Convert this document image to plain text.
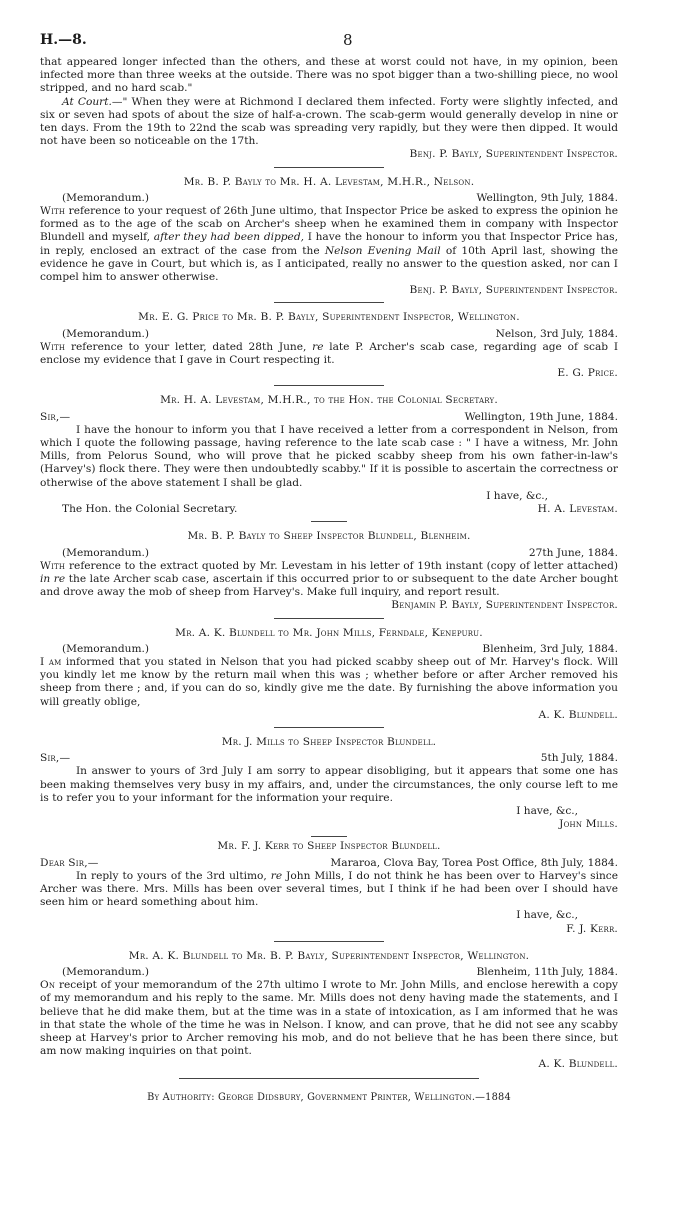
H.—8.	8

that appeared longer infected than the others, and these at worst could not have, in my opinion, been infected more than three weeks at the outside. There was no spot bigger than a two-shilling piece, no wool stripped, and no hard scab."

At Court.—" When they were at Richmond I declared them infected. Forty were slightly infected, and six or seven had spots of about the size of half-a-crown. The scab-germ would generally develop in nine or ten days. From the 19th to 22nd the scab was spreading very rapidly, but they were then dipped. It would not have been so noticeable on the 17th.

Benj. P. Bayly, Superintendent Inspector.

Mr. B. P. Bayly to Mr. H. A. Levestam, M.H.R., Nelson.

(Memorandum.)	Wellington, 9th July, 1884.

With reference to your request of 26th June ultimo, that Inspector Price be asked to express the opinion he formed as to the age of the scab on Archer's sheep when he examined them in company with Inspector Blundell and myself, after they had been dipped, I have the honour to inform you that Inspector Price has, in reply, enclosed an extract of the case from the Nelson Evening Mail of 10th April last, showing the evidence he gave in Court, but which is, as I anticipated, really no answer to the question asked, nor can I compel him to answer otherwise.

Benj. P. Bayly, Superintendent Inspector.

Mr. E. G. Price to Mr. B. P. Bayly, Superintendent Inspector, Wellington.

(Memorandum.)	Nelson, 3rd July, 1884.

With reference to your letter, dated 28th June, re late P. Archer's scab case, regarding age of scab I enclose my evidence that I gave in Court respecting it.

E. G. Price.

Mr. H. A. Levestam, M.H.R., to the Hon. the Colonial Secretary.

Sir,—	Wellington, 19th June, 1884.

I have the honour to inform you that I have received a letter from a correspondent in Nelson, from which I quote the following passage, having reference to the late scab case : " I have a witness, Mr. John Mills, from Pelorus Sound, who will prove that he picked scabby sheep from his own father-in-law's (Harvey's) flock there. They were then undoubtedly scabby." If it is possible to ascertain the correctness or otherwise of the above statement I shall be glad.

I have, &c.,

The Hon. the Colonial Secretary.	H. A. Levestam.

Mr. B. P. Bayly to Sheep Inspector Blundell, Blenheim.

(Memorandum.)	27th June, 1884.

With reference to the extract quoted by Mr. Levestam in his letter of 19th instant (copy of letter attached) in re the late Archer scab case, ascertain if this occurred prior to or subsequent to the date Archer bought and drove away the mob of sheep from Harvey's. Make full inquiry, and report result.

Benjamin P. Bayly, Superintendent Inspector.

Mr. A. K. Blundell to Mr. John Mills, Ferndale, Kenepuru.

(Memorandum.)	Blenheim, 3rd July, 1884.

I am informed that you stated in Nelson that you had picked scabby sheep out of Mr. Harvey's flock. Will you kindly let me know by the return mail when this was ; whether before or after Archer removed his sheep from there ; and, if you can do so, kindly give me the date. By furnishing the above information you will greatly oblige,

A. K. Blundell.

Mr. J. Mills to Sheep Inspector Blundell.

Sir,—	5th July, 1884.

In answer to yours of 3rd July I am sorry to appear disobliging, but it appears that some one has been making themselves very busy in my affairs, and, under the circumstances, the only course left to me is to refer you to your informant for the information your require.

I have, &c.,

John Mills.

Mr. F. J. Kerr to Sheep Inspector Blundell.

Dear Sir,—	Mararoa, Clova Bay, Torea Post Office, 8th July, 1884.

In reply to yours of the 3rd ultimo, re John Mills, I do not think he has been over to Harvey's since Archer was there. Mrs. Mills has been over several times, but I think if he had been over I should have seen him or heard something about him.

I have, &c.,

F. J. Kerr.

Mr. A. K. Blundell to Mr. B. P. Bayly, Superintendent Inspector, Wellington.

(Memorandum.)	Blenheim, 11th July, 1884.

On receipt of your memorandum of the 27th ultimo I wrote to Mr. John Mills, and enclose herewith a copy of my memorandum and his reply to the same. Mr. Mills does not deny having made the statements, and I believe that he did make them, but at the time was in a state of intoxication, as I am informed that he was in that state the whole of the time he was in Nelson. I know, and can prove, that he did not see any scabby sheep at Harvey's prior to Archer removing his mob, and do not believe that he has been there since, but am now making inquiries on that point.

A. K. Blundell.

By Authority: George Didsbury, Government Printer, Wellington.—1884
